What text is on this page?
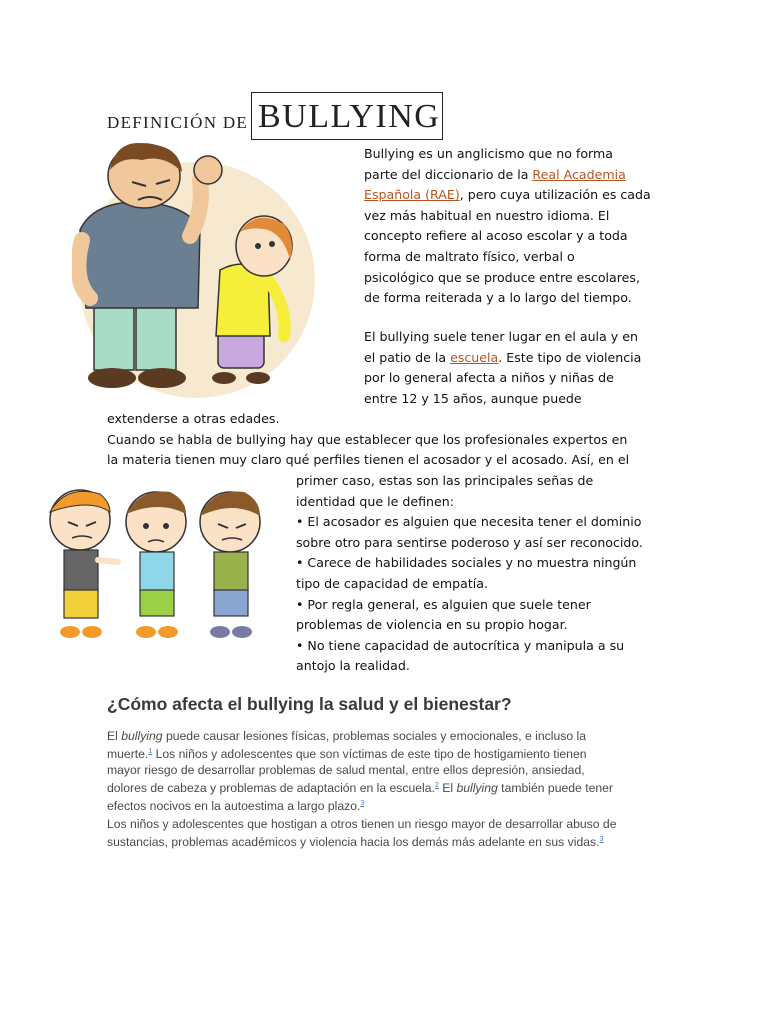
DEFINICIÓN DE BULLYING
Bullying es un anglicismo que no forma
parte del diccionario de la Real Academia
Española (RAE), pero cuya utilización es cada
vez más habitual en nuestro idioma. El
concepto refiere al acoso escolar y a toda
forma de maltrato físico, verbal o
psicológico que se produce entre escolares,
de forma reiterada y a lo largo del tiempo.
El bullying suele tener lugar en el aula y en
el patio de la escuela. Este tipo de violencia
por lo general afecta a niños y niñas de
entre 12 y 15 años, aunque puede
extenderse a otras edades.
Cuando se habla de bullying hay que establecer que los profesionales expertos en
la materia tienen muy claro qué perfiles tienen el acosador y el acosado. Así, en el
primer caso, estas son las principales señas de
identidad que le definen:
• El acosador es alguien que necesita tener el dominio
sobre otro para sentirse poderoso y así ser reconocido.
• Carece de habilidades sociales y no muestra ningún
tipo de capacidad de empatía.
• Por regla general, es alguien que suele tener
problemas de violencia en su propio hogar.
• No tiene capacidad de autocrítica y manipula a su
antojo la realidad.
¿Cómo afecta el bullying la salud y el bienestar?
El bullying puede causar lesiones físicas, problemas sociales y emocionales, e incluso la
muerte.$^1$ Los niños y adolescentes que son víctimas de este tipo de hostigamiento tienen
mayor riesgo de desarrollar problemas de salud mental, entre ellos depresión, ansiedad,
dolores de cabeza y problemas de adaptación en la escuela.$^2$ El bullying también puede tener
efectos nocivos en la autoestima a largo plazo.$^3$
Los niños y adolescentes que hostigan a otros tienen un riesgo mayor de desarrollar abuso de
sustancias, problemas académicos y violencia hacia los demás más adelante en sus vidas.$^3$
